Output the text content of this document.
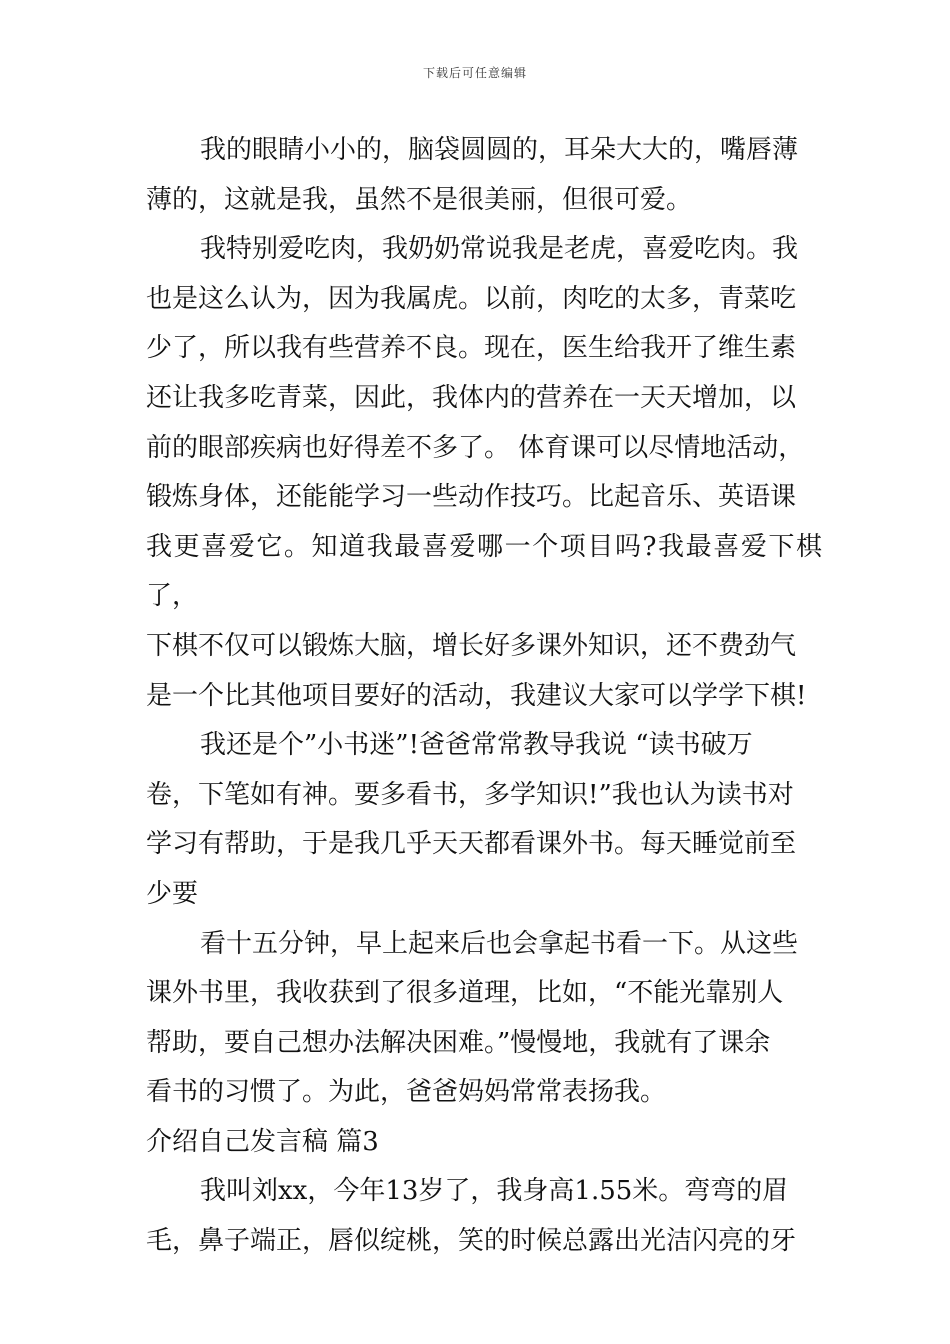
下载后可任意编辑

我的眼睛小小的，脑袋圆圆的，耳朵大大的，嘴唇薄
薄的，这就是我，虽然不是很美丽，但很可爱。

我特别爱吃肉，我奶奶常说我是老虎，喜爱吃肉。我
也是这么认为，因为我属虎。以前，肉吃的太多，青菜吃
少了，所以我有些营养不良。现在，医生给我开了维生素
还让我多吃青菜，因此，我体内的营养在一天天增加，以
前的眼部疾病也好得差不多了。 体育课可以尽情地活动，
锻炼身体，还能能学习一些动作技巧。比起音乐、英语课
我更喜爱它。知道我最喜爱哪一个项目吗?我最喜爱下棋了，
下棋不仅可以锻炼大脑，增长好多课外知识，还不费劲气
是一个比其他项目要好的活动，我建议大家可以学学下棋!

我还是个”小书迷”!爸爸常常教导我说 “读书破万
卷，下笔如有神。要多看书，多学知识!”我也认为读书对
学习有帮助，于是我几乎天天都看课外书。每天睡觉前至
少要

看十五分钟，早上起来后也会拿起书看一下。从这些
课外书里，我收获到了很多道理，比如，“不能光靠别人
帮助，要自己想办法解决困难。”慢慢地，我就有了课余
看书的习惯了。为此，爸爸妈妈常常表扬我。

介绍自己发言稿 篇3

我叫刘xx，今年13岁了，我身高1.55米。弯弯的眉
毛，鼻子端正，唇似绽桃，笑的时候总露出光洁闪亮的牙
